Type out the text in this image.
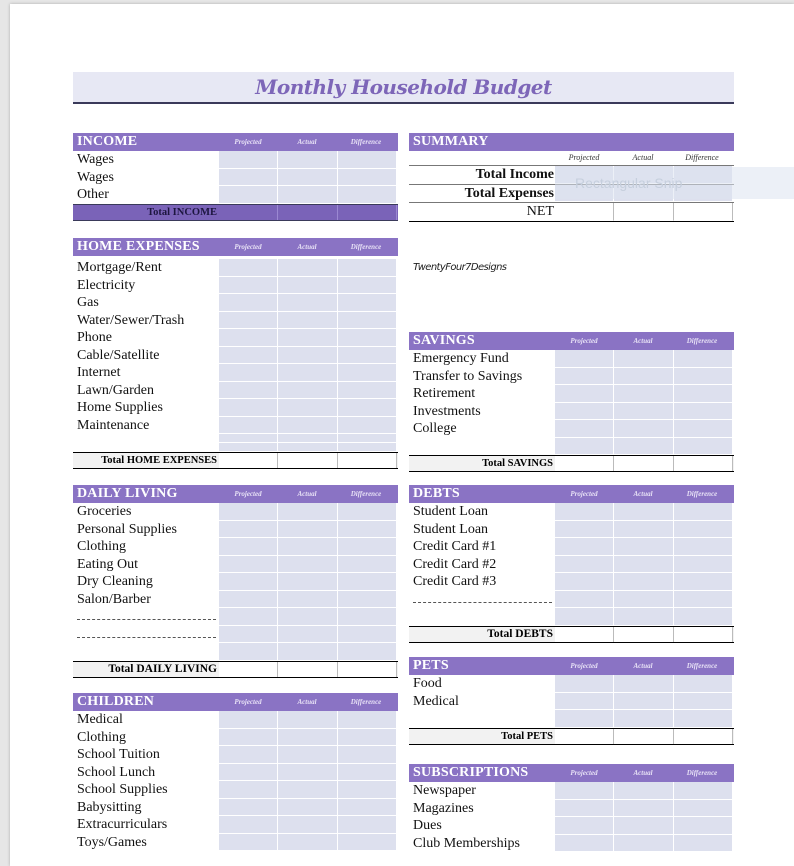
Monthly Household Budget
INCOME	Projected	Actual	Difference
Wages
Wages
Other
Total INCOME
SUMMARY
Projected	Actual	Difference
Total Income
Total Expenses
NET
Rectangular Snip
TwentyFour7Designs
HOME EXPENSES	Projected	Actual	Difference
Mortgage/Rent
Electricity
Gas
Water/Sewer/Trash
Phone
Cable/Satellite
Internet
Lawn/Garden
Home Supplies
Maintenance
Total HOME EXPENSES
SAVINGS	Projected	Actual	Difference
Emergency Fund
Transfer to Savings
Retirement
Investments
College
Total SAVINGS
DAILY LIVING	Projected	Actual	Difference
Groceries
Personal Supplies
Clothing
Eating Out
Dry Cleaning
Salon/Barber
Total DAILY LIVING
DEBTS	Projected	Actual	Difference
Student Loan
Student Loan
Credit Card #1
Credit Card #2
Credit Card #3
Total DEBTS
PETS	Projected	Actual	Difference
Food
Medical
Total PETS
CHILDREN	Projected	Actual	Difference
Medical
Clothing
School Tuition
School Lunch
School Supplies
Babysitting
Extracurriculars
Toys/Games
SUBSCRIPTIONS	Projected	Actual	Difference
Newspaper
Magazines
Dues
Club Memberships
